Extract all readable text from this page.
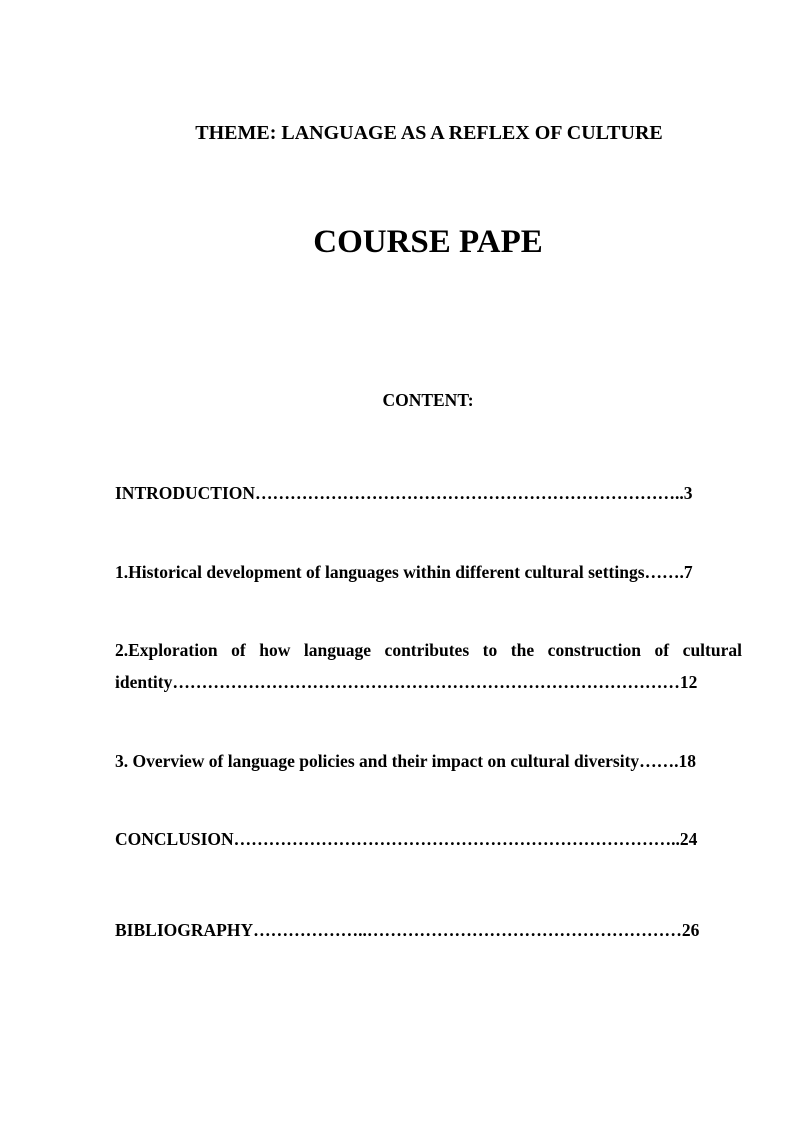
THEME: LANGUAGE AS A REFLEX OF CULTURE
COURSE PAPE
CONTENT:
INTRODUCTION………………………………………………………………..3
1.Historical development of languages within different cultural settings…….7
2.Exploration of how language contributes to the construction of cultural
identity……………………………………………………………………………12
3. Overview of language policies and their impact on cultural diversity…….18
CONCLUSION…………………………………………………………………..24
BIBLIOGRAPHY………………..………………………………………………26
